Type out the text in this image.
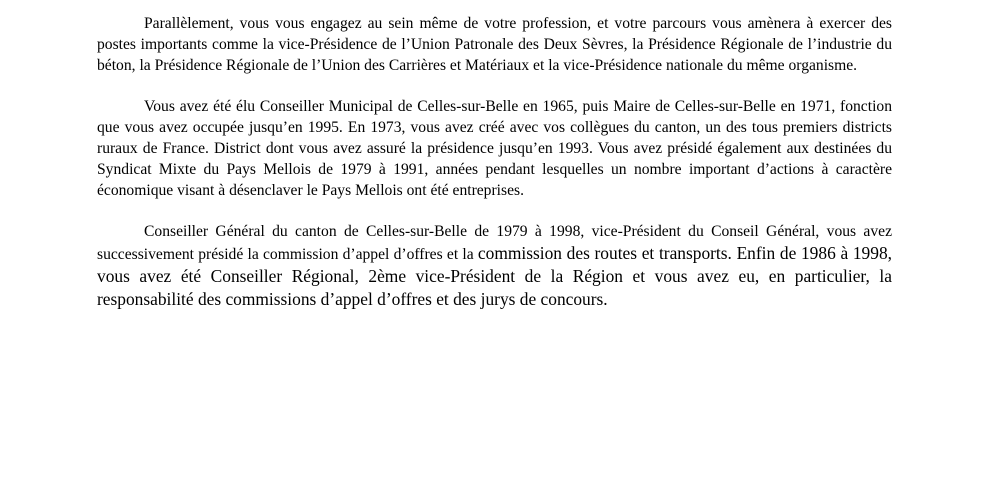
Parallèlement, vous vous engagez au sein même de votre profession, et votre parcours vous amènera à exercer des postes importants comme la vice-Présidence de l’Union Patronale des Deux Sèvres, la Présidence Régionale de l’industrie du béton, la Présidence Régionale de l’Union des Carrières et Matériaux et la vice-Présidence nationale du même organisme.

Vous avez été élu Conseiller Municipal de Celles-sur-Belle en 1965, puis Maire de Celles-sur-Belle en 1971, fonction que vous avez occupée jusqu’en 1995. En 1973, vous avez créé avec vos collègues du canton, un des tous premiers districts ruraux de France. District dont vous avez assuré la présidence jusqu’en 1993. Vous avez présidé également aux destinées du Syndicat Mixte du Pays Mellois de 1979 à 1991, années pendant lesquelles un nombre important d’actions à caractère économique visant à désenclaver le Pays Mellois ont été entreprises.

Conseiller Général du canton de Celles-sur-Belle de 1979 à 1998, vice-Président du Conseil Général, vous avez successivement présidé la commission d’appel d’offres et la commission des routes et transports. Enfin de 1986 à 1998, vous avez été Conseiller Régional, 2ème vice-Président de la Région et vous avez eu, en particulier, la responsabilité des commissions d’appel d’offres et des jurys de concours.
